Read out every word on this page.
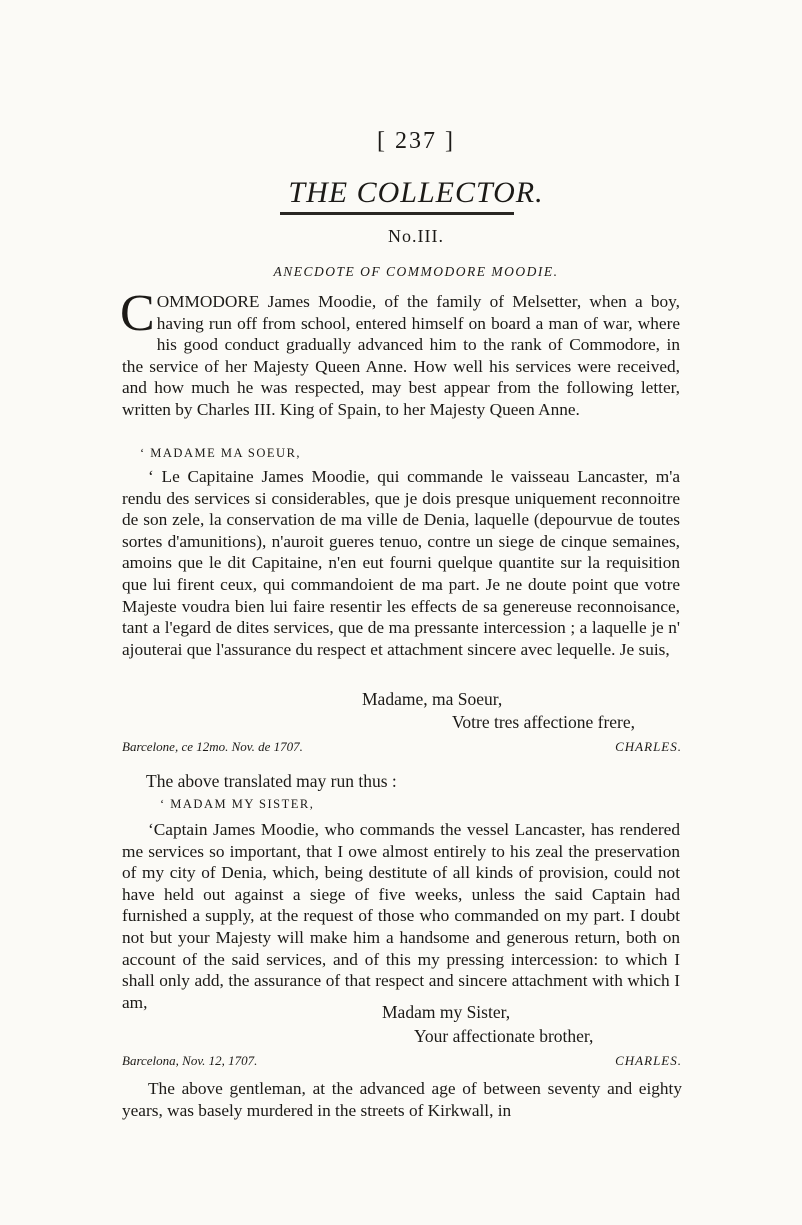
[ 237 ]
THE COLLECTOR.
No.III.
ANECDOTE OF COMMODORE MOODIE.
COMMODORE James Moodie, of the family of Melsetter, when a boy, having run off from school, entered himself on board a man of war, where his good conduct gradually advanced him to the rank of Commodore, in the service of her Majesty Queen Anne. How well his services were received, and how much he was respected, may best appear from the following letter, written by Charles III. King of Spain, to her Majesty Queen Anne.
‘ MADAME MA SOEUR,
‘ Le Capitaine James Moodie, qui commande le vaisseau Lancaster, m'a rendu des services si considerables, que je dois presque uniquement reconnoitre de son zele, la conservation de ma ville de Denia, laquelle (depourvue de toutes sortes d'amunitions), n'auroit gueres tenuo, contre un siege de cinque semaines, amoins que le dit Capitaine, n'en eut fourni quelque quantite sur la requisition que lui firent ceux, qui commandoient de ma part. Je ne doute point que votre Majeste voudra bien lui faire resentir les effects de sa genereuse reconnoisance, tant a l'egard de dites services, que de ma pressante intercession ; a laquelle je n' ajouterai que l'assurance du respect et attachment sincere avec lequelle. Je suis,
Madame, ma Soeur,
Votre tres affectione frere,
Barcelone, ce 12mo. Nov. de 1707.	CHARLES.
The above translated may run thus :
‘ MADAM MY SISTER,
‘Captain James Moodie, who commands the vessel Lancaster, has rendered me services so important, that I owe almost entirely to his zeal the preservation of my city of Denia, which, being destitute of all kinds of provision, could not have held out against a siege of five weeks, unless the said Captain had furnished a supply, at the request of those who commanded on my part. I doubt not but your Majesty will make him a handsome and generous return, both on account of the said services, and of this my pressing intercession: to which I shall only add, the assurance of that respect and sincere attachment with which I am,	Madam my Sister,
Your affectionate brother,
Barcelona, Nov. 12, 1707.	CHARLES.
The above gentleman, at the advanced age of between seventy and eighty years, was basely murdered in the streets of Kirkwall, in
